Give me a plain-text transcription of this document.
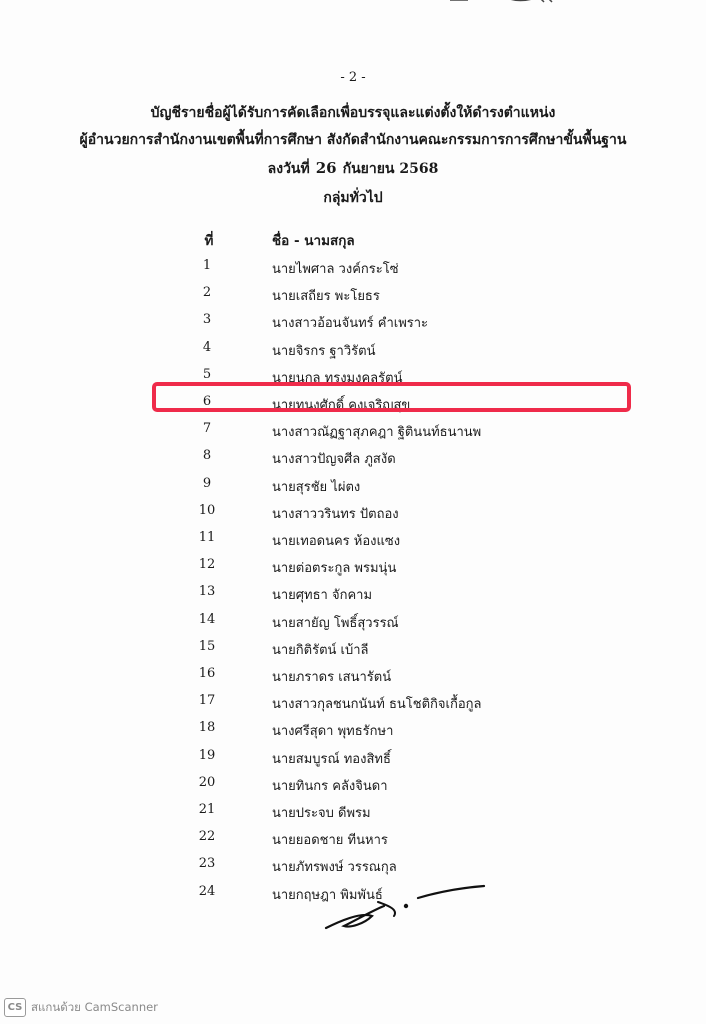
- 2 -
บัญชีรายชื่อผู้ได้รับการคัดเลือกเพื่อบรรจุและแต่งตั้งให้ดำรงตำแหน่ง
ผู้อำนวยการสำนักงานเขตพื้นที่การศึกษา สังกัดสำนักงานคณะกรรมการการศึกษาขั้นพื้นฐาน
ลงวันที่ 26 กันยายน 2568
กลุ่มทั่วไป
ที่	ชื่อ - นามสกุล
1	นายไพศาล วงค์กระโซ่
2	นายเสถียร พะโยธร
3	นางสาวอ้อนจันทร์ คำเพราะ
4	นายจิรกร ฐาวิรัตน์
5	นายนุกูล ทรงมงคลรัตน์
6	นายทนงศักดิ์ คงเจริญสุข
7	นางสาวณัฏฐาสุภคฎา ฐิตินนท์ธนานพ
8	นางสาวปัญจศีล ภูสงัด
9	นายสุรชัย ไผ่ตง
10	นางสาววรินทร ปัตถอง
11	นายเทอดนคร ห้องแซง
12	นายต่อตระกูล พรมนุ่น
13	นายศุทธา จักคาม
14	นายสายัญ โพธิ์สุวรรณ์
15	นายกิติรัตน์ เบ้าลี
16	นายภราดร เสนารัตน์
17	นางสาวกุลชนกนันท์ ธนโชติกิจเกื้อกูล
18	นางศรีสุดา พุทธรักษา
19	นายสมบูรณ์ ทองสิทธิ์
20	นายทินกร คลังจินดา
21	นายประจบ ดีพรม
22	นายยอดชาย ทีนหาร
23	นายภัทรพงษ์ วรรณกุล
24	นายกฤษฎา พิมพันธ์
CS สแกนด้วย CamScanner
